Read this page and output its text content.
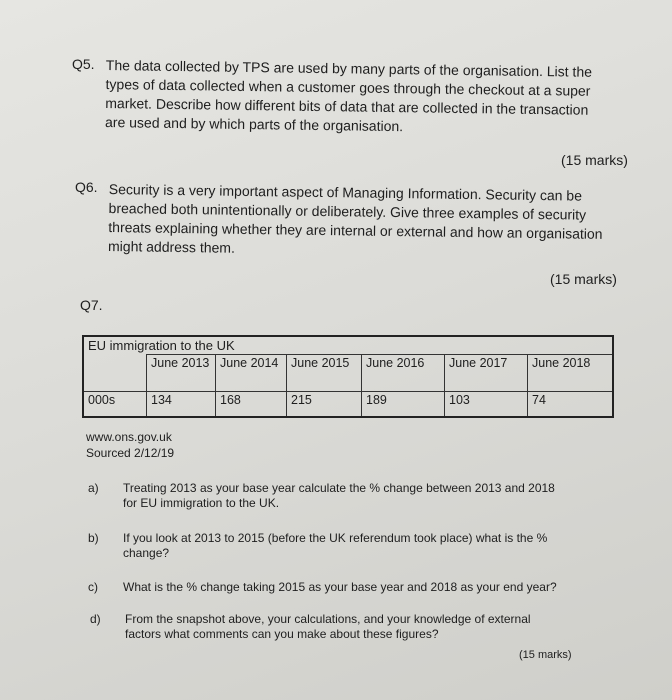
Q5. The data collected by TPS are used by many parts of the organisation. List the
types of data collected when a customer goes through the checkout at a super
market. Describe how different bits of data that are collected in the transaction
are used and by which parts of the organisation.
(15 marks)
Q6. Security is a very important aspect of Managing Information. Security can be
breached both unintentionally or deliberately. Give three examples of security
threats explaining whether they are internal or external and how an organisation
might address them.
(15 marks)
Q7.
EU immigration to the UK						
	June 2013	June 2014	June 2015	June 2016	June 2017	June 2018
000s	134	168	215	189	103	74
www.ons.gov.uk
Sourced 2/12/19
a) Treating 2013 as your base year calculate the % change between 2013 and 2018
for EU immigration to the UK.
b) If you look at 2013 to 2015 (before the UK referendum took place) what is the %
change?
c) What is the % change taking 2015 as your base year and 2018 as your end year?
d) From the snapshot above, your calculations, and your knowledge of external
factors what comments can you make about these figures?
(15 marks)
